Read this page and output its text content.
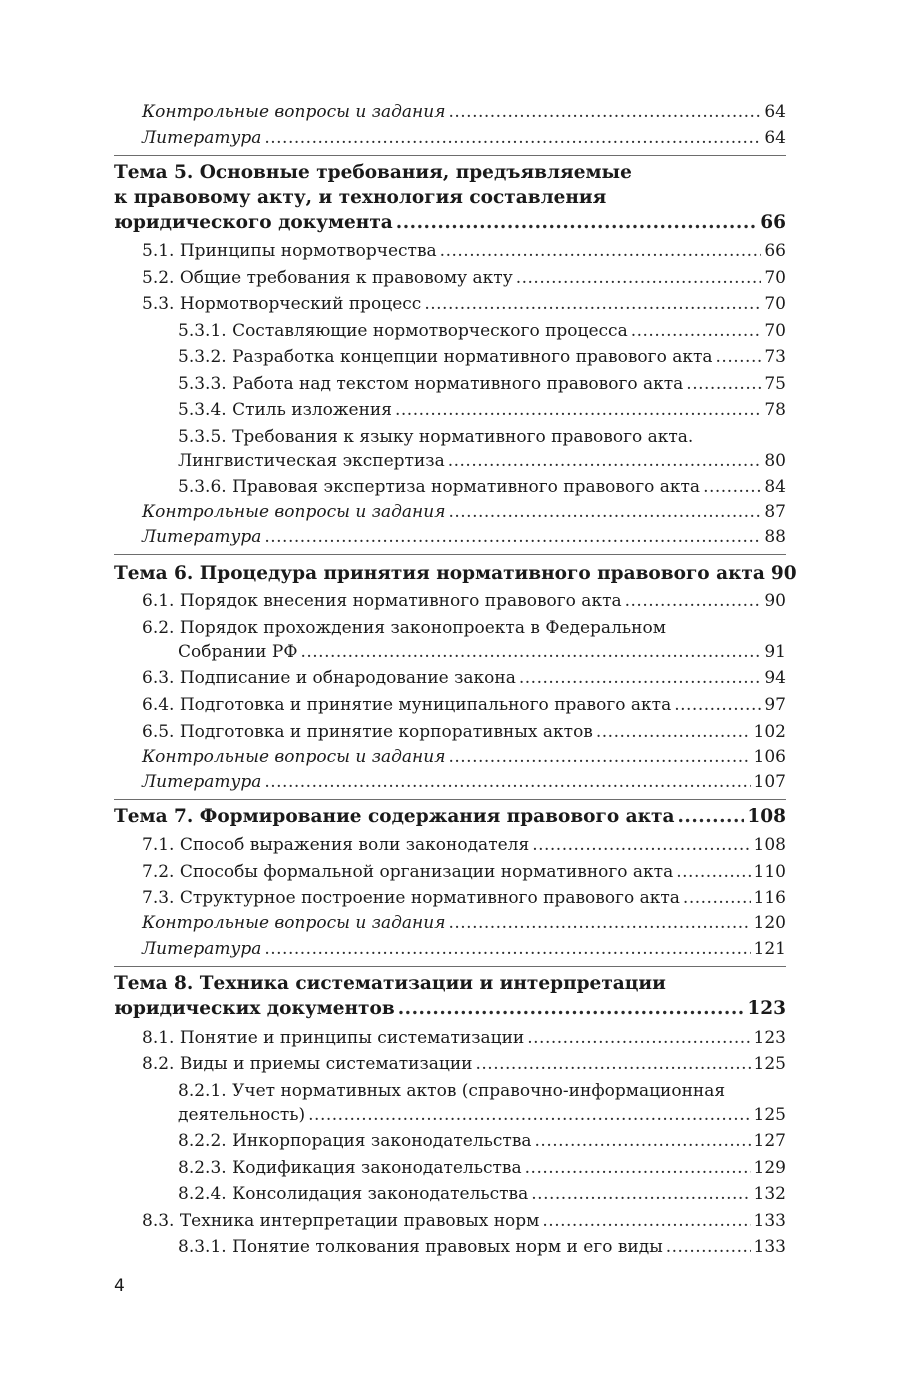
Контрольные вопросы и задания .....	64
Литература .....	64
Тема 5. Основные требования, предъявляемые
к правовому акту, и технология составления
юридического документа .....	66
5.1. Принципы нормотворчества .....	66
5.2. Общие требования к правовому акту .....	70
5.3. Нормотворческий процесс .....	70
5.3.1. Составляющие нормотворческого процесса .....	70
5.3.2. Разработка концепции нормативного правового акта .....	73
5.3.3. Работа над текстом нормативного правового акта .....	75
5.3.4. Стиль изложения .....	78
5.3.5. Требования к языку нормативного правового акта.
Лингвистическая экспертиза .....	80
5.3.6. Правовая экспертиза нормативного правового акта .....	84
Контрольные вопросы и задания .....	87
Литература .....	88
Тема 6. Процедура принятия нормативного правового акта 90
6.1. Порядок внесения нормативного правового акта .....	90
6.2. Порядок прохождения законопроекта в Федеральном
Собрании РФ .....	91
6.3. Подписание и обнародование закона .....	94
6.4. Подготовка и принятие муниципального правого акта .....	97
6.5. Подготовка и принятие корпоративных актов .....	102
Контрольные вопросы и задания .....	106
Литература .....	107
Тема 7. Формирование содержания правового акта .....	108
7.1. Способ выражения воли законодателя .....	108
7.2. Способы формальной организации нормативного акта .....	110
7.3. Структурное построение нормативного правового акта .....	116
Контрольные вопросы и задания .....	120
Литература .....	121
Тема 8. Техника систематизации и интерпретации
юридических документов .....	123
8.1. Понятие и принципы систематизации .....	123
8.2. Виды и приемы систематизации .....	125
8.2.1. Учет нормативных актов (справочно-информационная
деятельность) .....	125
8.2.2. Инкорпорация законодательства .....	127
8.2.3. Кодификация законодательства .....	129
8.2.4. Консолидация законодательства .....	132
8.3. Техника интерпретации правовых норм .....	133
8.3.1. Понятие толкования правовых норм и его виды .....	133
4
